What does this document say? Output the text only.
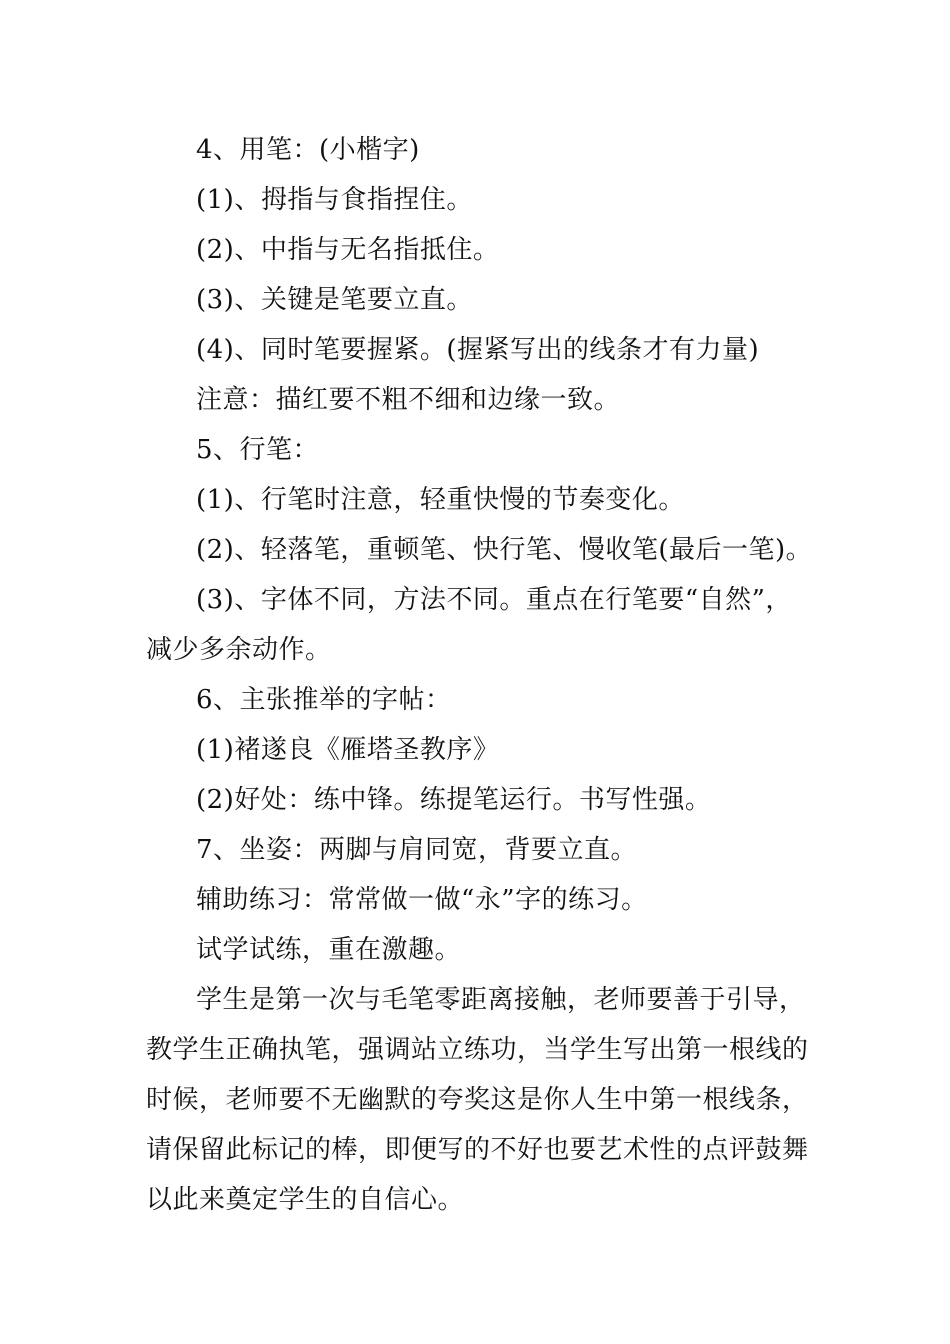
4、用笔：(小楷字)
(1)、拇指与食指捏住。
(2)、中指与无名指抵住。
(3)、关键是笔要立直。
(4)、同时笔要握紧。(握紧写出的线条才有力量)
注意：描红要不粗不细和边缘一致。
5、行笔：
(1)、行笔时注意，轻重快慢的节奏变化。
(2)、轻落笔，重顿笔、快行笔、慢收笔(最后一笔)。
(3)、字体不同，方法不同。重点在行笔要“自然”，
减少多余动作。
6、主张推举的字帖：
(1)褚遂良《雁塔圣教序》
(2)好处：练中锋。练提笔运行。书写性强。
7、坐姿：两脚与肩同宽，背要立直。
辅助练习：常常做一做“永”字的练习。
试学试练，重在激趣。
学生是第一次与毛笔零距离接触，老师要善于引导，
教学生正确执笔，强调站立练功，当学生写出第一根线的
时候，老师要不无幽默的夸奖这是你人生中第一根线条，
请保留此标记的棒，即便写的不好也要艺术性的点评鼓舞
以此来奠定学生的自信心。
